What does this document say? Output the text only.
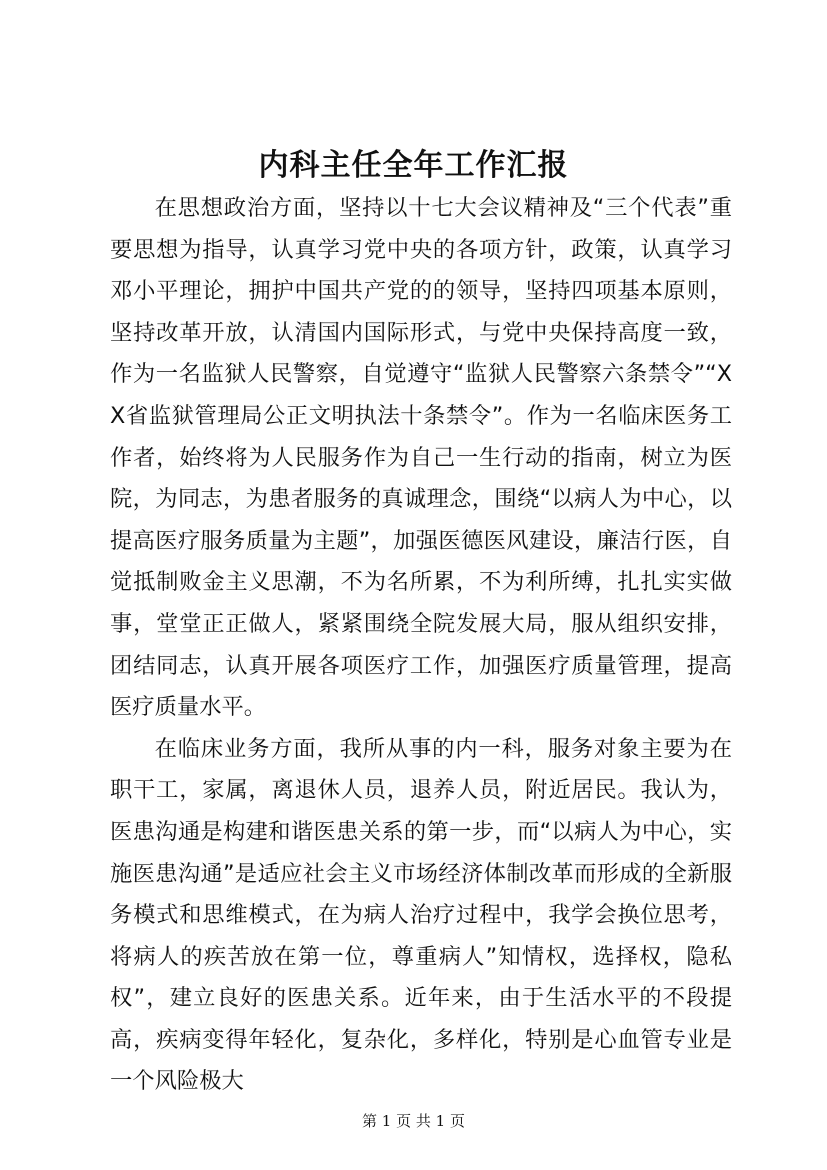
内科主任全年工作汇报

在思想政治方面，坚持以十七大会议精神及“三个代表”重要思想为指导，认真学习党中央的各项方针，政策，认真学习邓小平理论，拥护中国共产党的的领导，坚持四项基本原则，坚持改革开放，认清国内国际形式，与党中央保持高度一致，作为一名监狱人民警察，自觉遵守“监狱人民警察六条禁令”“XX省监狱管理局公正文明执法十条禁令”。作为一名临床医务工作者，始终将为人民服务作为自己一生行动的指南，树立为医院，为同志，为患者服务的真诚理念，围绕“以病人为中心，以提高医疗服务质量为主题”，加强医德医风建设，廉洁行医，自觉抵制败金主义思潮，不为名所累，不为利所缚，扎扎实实做事，堂堂正正做人，紧紧围绕全院发展大局，服从组织安排，团结同志，认真开展各项医疗工作，加强医疗质量管理，提高医疗质量水平。

在临床业务方面，我所从事的内一科，服务对象主要为在职干工，家属，离退休人员，退养人员，附近居民。我认为，医患沟通是构建和谐医患关系的第一步，而“以病人为中心，实施医患沟通”是适应社会主义市场经济体制改革而形成的全新服务模式和思维模式，在为病人治疗过程中，我学会换位思考，将病人的疾苦放在第一位，尊重病人”知情权，选择权，隐私权”，建立良好的医患关系。近年来，由于生活水平的不段提高，疾病变得年轻化，复杂化，多样化，特别是心血管专业是一个风险极大

第 1 页 共 1 页
